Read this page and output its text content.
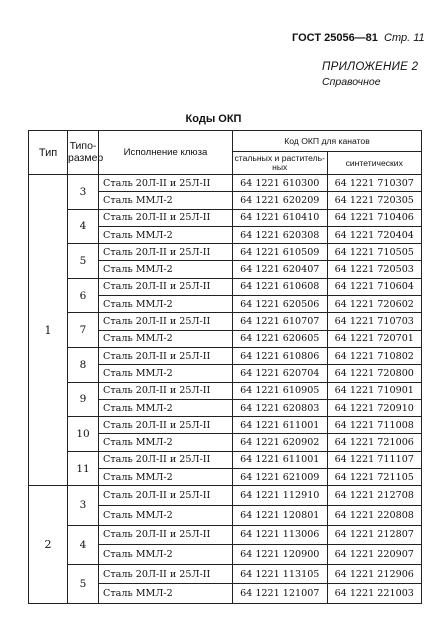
ГОСТ 25056—81 Стр. 11
ПРИЛОЖЕНИЕ 2
Справочное
Коды ОКП
Тип	Типо-размер	Исполнение клюза	Код ОКП для канатов	
			стальных и раститель-ных	синтетических
1	3	Сталь 20Л-II и 25Л-II	64 1221 610300	64 1221 710307
		Сталь ММЛ-2	64 1221 620209	64 1221 720305
	4	Сталь 20Л-II и 25Л-II	64 1221 610410	64 1221 710406
		Сталь ММЛ-2	64 1221 620308	64 1221 720404
	5	Сталь 20Л-II и 25Л-II	64 1221 610509	64 1221 710505
		Сталь ММЛ-2	64 1221 620407	64 1221 720503
	6	Сталь 20Л-II и 25Л-II	64 1221 610608	64 1221 710604
		Сталь ММЛ-2	64 1221 620506	64 1221 720602
	7	Сталь 20Л-II и 25Л-II	64 1221 610707	64 1221 710703
		Сталь ММЛ-2	64 1221 620605	64 1221 720701
	8	Сталь 20Л-II и 25Л-II	64 1221 610806	64 1221 710802
		Сталь ММЛ-2	64 1221 620704	64 1221 720800
	9	Сталь 20Л-II и 25Л-II	64 1221 610905	64 1221 710901
		Сталь ММЛ-2	64 1221 620803	64 1221 720910
	10	Сталь 20Л-II и 25Л-II	64 1221 611001	64 1221 711008
		Сталь ММЛ-2	64 1221 620902	64 1221 721006
	11	Сталь 20Л-II и 25Л-II	64 1221 611001	64 1221 711107
		Сталь ММЛ-2	64 1221 621009	64 1221 721105
2	3	Сталь 20Л-II и 25Л-II	64 1221 112910	64 1221 212708
		Сталь ММЛ-2	64 1221 120801	64 1221 220808
	4	Сталь 20Л-II и 25Л-II	64 1221 113006	64 1221 212807
		Сталь ММЛ-2	64 1221 120900	64 1221 220907
	5	Сталь 20Л-II и 25Л-II	64 1221 113105	64 1221 212906
		Сталь ММЛ-2	64 1221 121007	64 1221 221003
